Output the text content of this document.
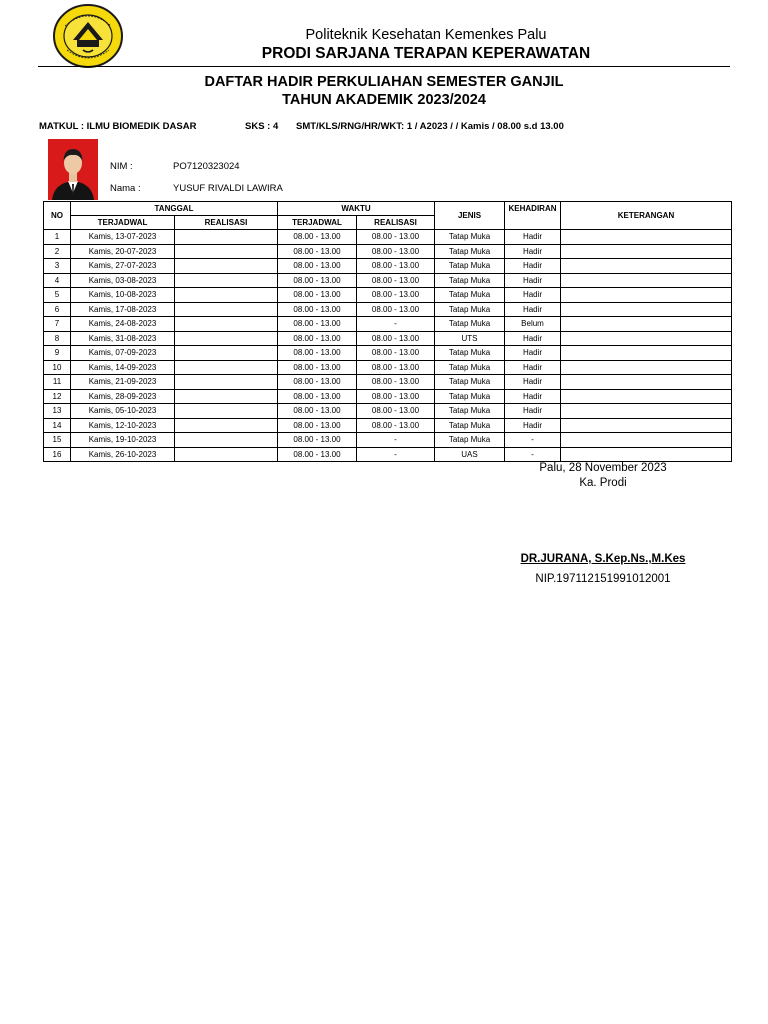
Politeknik Kesehatan Kemenkes Palu
PRODI SARJANA TERAPAN KEPERAWATAN
DAFTAR HADIR PERKULIAHAN SEMESTER GANJIL
TAHUN AKADEMIK 2023/2024
MATKUL : ILMU BIOMEDIK DASAR	SKS : 4 SMT/KLS/RNG/HR/WKT: 1 / A2023 / / Kamis / 08.00 s.d 13.00
NIM :	PO7120323024
Nama :	YUSUF RIVALDI LAWIRA
NO	TANGGAL		WAKTU		JENIS	KEHADIRAN	KETERANGAN
	TERJADWAL	REALISASI	TERJADWAL	REALISASI			
1	Kamis, 13-07-2023		08.00 - 13.00	08.00 - 13.00	Tatap Muka	Hadir	
2	Kamis, 20-07-2023		08.00 - 13.00	08.00 - 13.00	Tatap Muka	Hadir	
3	Kamis, 27-07-2023		08.00 - 13.00	08.00 - 13.00	Tatap Muka	Hadir	
4	Kamis, 03-08-2023		08.00 - 13.00	08.00 - 13.00	Tatap Muka	Hadir	
5	Kamis, 10-08-2023		08.00 - 13.00	08.00 - 13.00	Tatap Muka	Hadir	
6	Kamis, 17-08-2023		08.00 - 13.00	08.00 - 13.00	Tatap Muka	Hadir	
7	Kamis, 24-08-2023		08.00 - 13.00	-	Tatap Muka	Belum	
8	Kamis, 31-08-2023		08.00 - 13.00	08.00 - 13.00	UTS	Hadir	
9	Kamis, 07-09-2023		08.00 - 13.00	08.00 - 13.00	Tatap Muka	Hadir	
10	Kamis, 14-09-2023		08.00 - 13.00	08.00 - 13.00	Tatap Muka	Hadir	
11	Kamis, 21-09-2023		08.00 - 13.00	08.00 - 13.00	Tatap Muka	Hadir	
12	Kamis, 28-09-2023		08.00 - 13.00	08.00 - 13.00	Tatap Muka	Hadir	
13	Kamis, 05-10-2023		08.00 - 13.00	08.00 - 13.00	Tatap Muka	Hadir	
14	Kamis, 12-10-2023		08.00 - 13.00	08.00 - 13.00	Tatap Muka	Hadir	
15	Kamis, 19-10-2023		08.00 - 13.00	-	Tatap Muka	-	
16	Kamis, 26-10-2023		08.00 - 13.00	-	UAS	-	
Palu, 28 November 2023
Ka. Prodi
DR.JURANA, S.Kep.Ns.,M.Kes
NIP.197112151991012001
